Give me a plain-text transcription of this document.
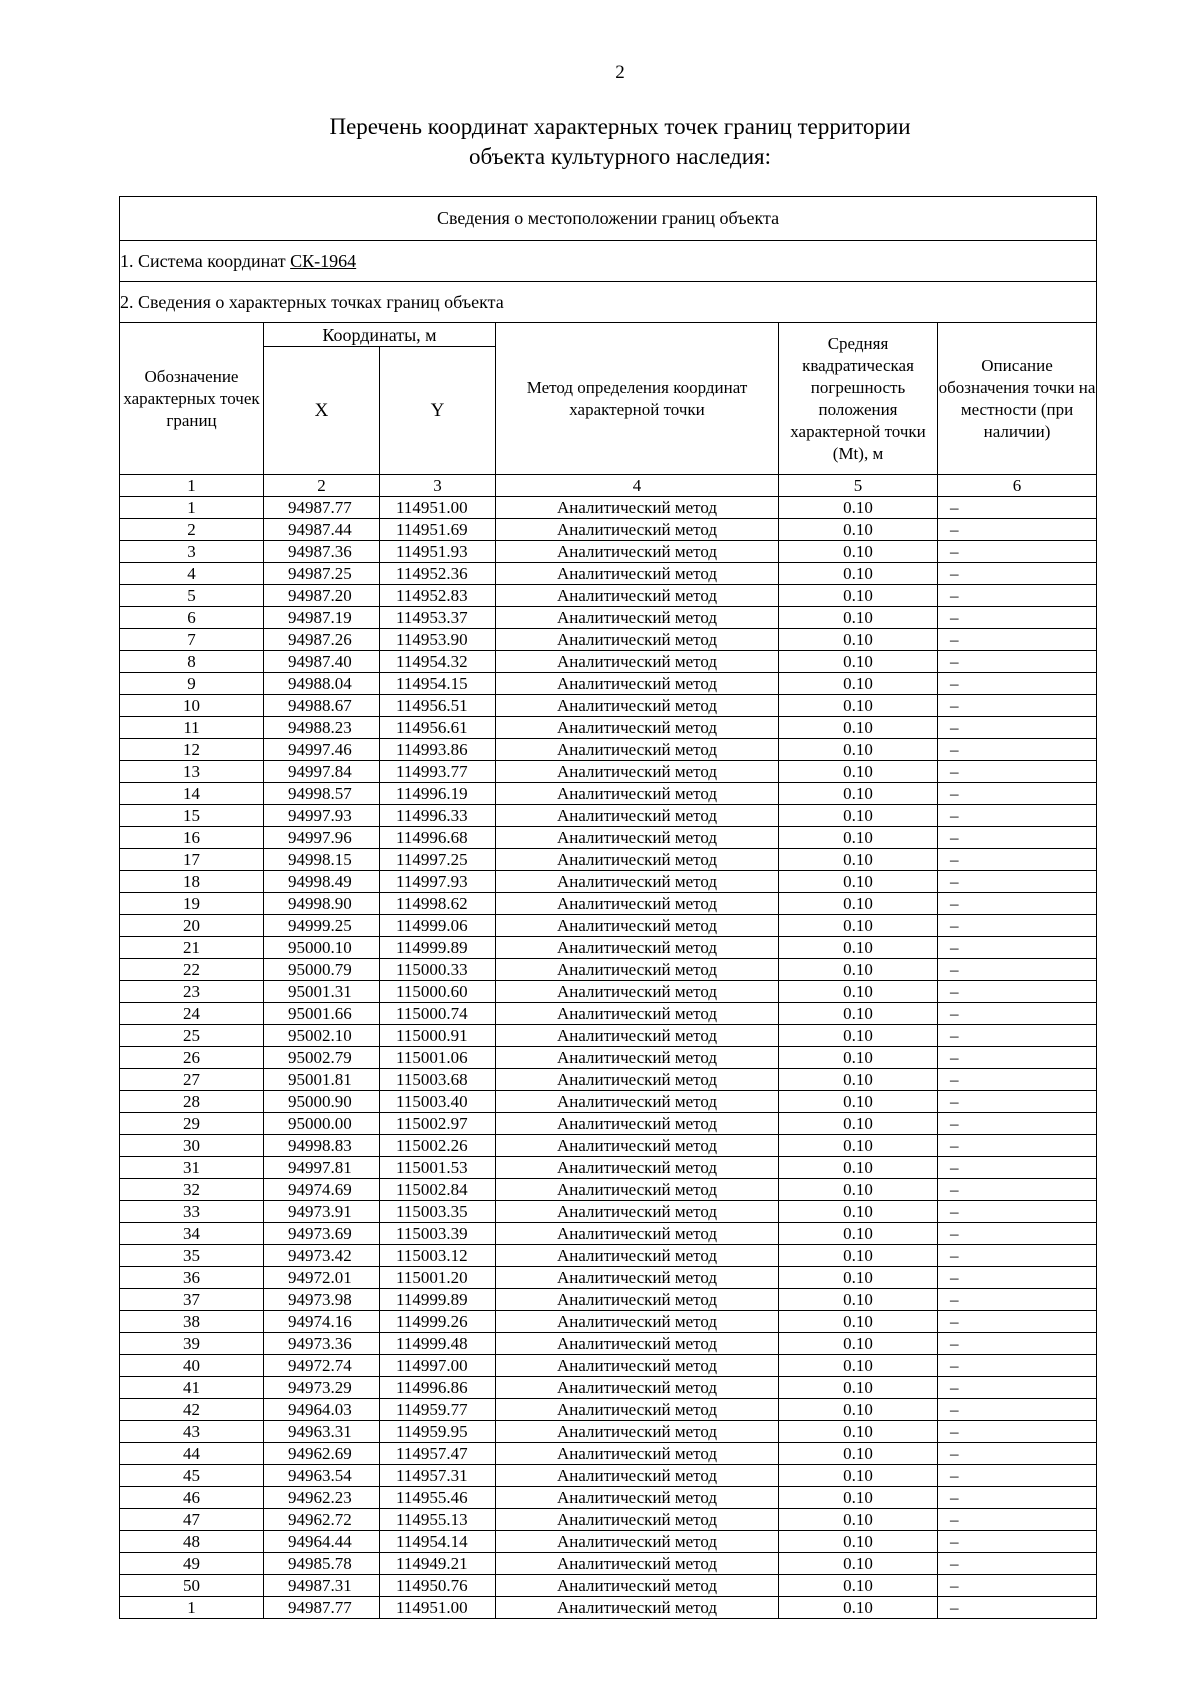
2
Перечень координат характерных точек границ территории
объекта культурного наследия:
Сведения о местоположении границ объекта					
1. Система координат СК-1964					
2. Сведения о характерных точках границ объекта					
Обозначение характерных точек границ	Координаты, м		Метод определения координат характерной точки	Средняя квадратическая погрешность положения характерной точки (Mt), м	Описание обозначения точки на местности (при наличии)
	X	Y			
1	2	3	4	5	6
1	94987.77	114951.00	Аналитический метод	0.10	–
2	94987.44	114951.69	Аналитический метод	0.10	–
3	94987.36	114951.93	Аналитический метод	0.10	–
4	94987.25	114952.36	Аналитический метод	0.10	–
5	94987.20	114952.83	Аналитический метод	0.10	–
6	94987.19	114953.37	Аналитический метод	0.10	–
7	94987.26	114953.90	Аналитический метод	0.10	–
8	94987.40	114954.32	Аналитический метод	0.10	–
9	94988.04	114954.15	Аналитический метод	0.10	–
10	94988.67	114956.51	Аналитический метод	0.10	–
11	94988.23	114956.61	Аналитический метод	0.10	–
12	94997.46	114993.86	Аналитический метод	0.10	–
13	94997.84	114993.77	Аналитический метод	0.10	–
14	94998.57	114996.19	Аналитический метод	0.10	–
15	94997.93	114996.33	Аналитический метод	0.10	–
16	94997.96	114996.68	Аналитический метод	0.10	–
17	94998.15	114997.25	Аналитический метод	0.10	–
18	94998.49	114997.93	Аналитический метод	0.10	–
19	94998.90	114998.62	Аналитический метод	0.10	–
20	94999.25	114999.06	Аналитический метод	0.10	–
21	95000.10	114999.89	Аналитический метод	0.10	–
22	95000.79	115000.33	Аналитический метод	0.10	–
23	95001.31	115000.60	Аналитический метод	0.10	–
24	95001.66	115000.74	Аналитический метод	0.10	–
25	95002.10	115000.91	Аналитический метод	0.10	–
26	95002.79	115001.06	Аналитический метод	0.10	–
27	95001.81	115003.68	Аналитический метод	0.10	–
28	95000.90	115003.40	Аналитический метод	0.10	–
29	95000.00	115002.97	Аналитический метод	0.10	–
30	94998.83	115002.26	Аналитический метод	0.10	–
31	94997.81	115001.53	Аналитический метод	0.10	–
32	94974.69	115002.84	Аналитический метод	0.10	–
33	94973.91	115003.35	Аналитический метод	0.10	–
34	94973.69	115003.39	Аналитический метод	0.10	–
35	94973.42	115003.12	Аналитический метод	0.10	–
36	94972.01	115001.20	Аналитический метод	0.10	–
37	94973.98	114999.89	Аналитический метод	0.10	–
38	94974.16	114999.26	Аналитический метод	0.10	–
39	94973.36	114999.48	Аналитический метод	0.10	–
40	94972.74	114997.00	Аналитический метод	0.10	–
41	94973.29	114996.86	Аналитический метод	0.10	–
42	94964.03	114959.77	Аналитический метод	0.10	–
43	94963.31	114959.95	Аналитический метод	0.10	–
44	94962.69	114957.47	Аналитический метод	0.10	–
45	94963.54	114957.31	Аналитический метод	0.10	–
46	94962.23	114955.46	Аналитический метод	0.10	–
47	94962.72	114955.13	Аналитический метод	0.10	–
48	94964.44	114954.14	Аналитический метод	0.10	–
49	94985.78	114949.21	Аналитический метод	0.10	–
50	94987.31	114950.76	Аналитический метод	0.10	–
1	94987.77	114951.00	Аналитический метод	0.10	–
